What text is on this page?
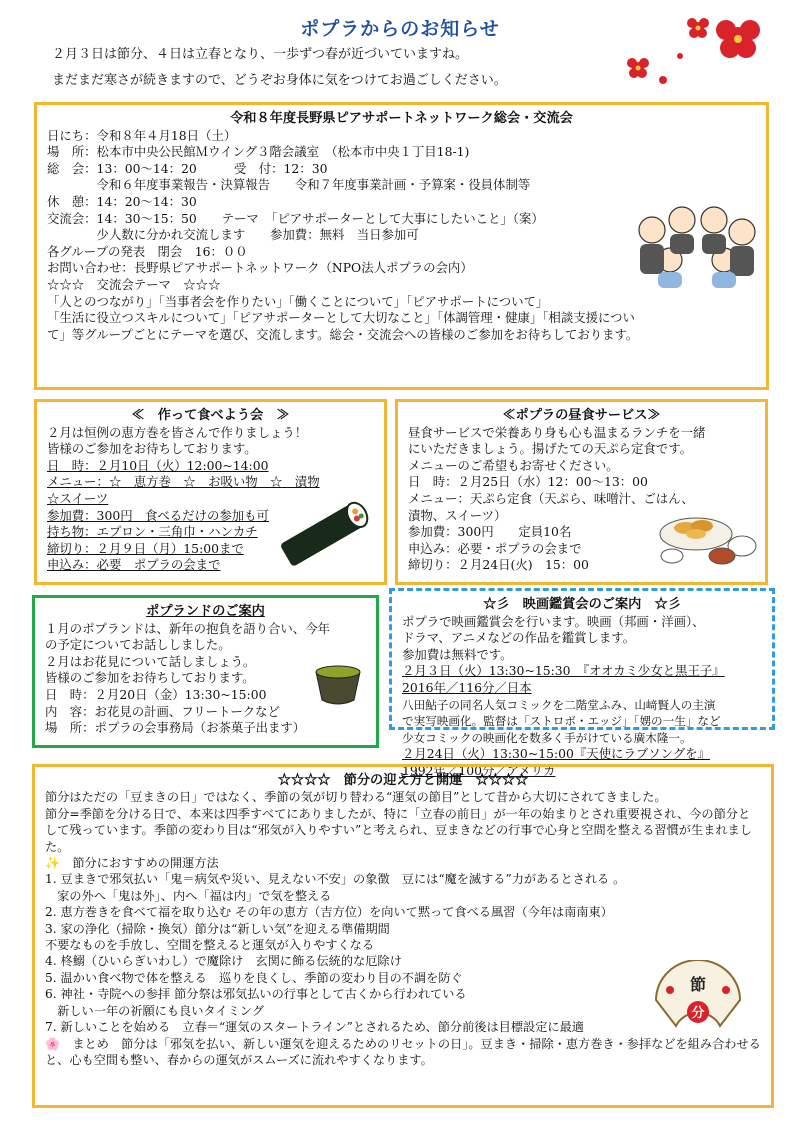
ポプラからのお知らせ
２月３日は節分、４日は立春となり、一歩ずつ春が近づいていますね。
まだまだ寒さが続きますので、どうぞお身体に気をつけてお過ごしください。
令和８年度長野県ピアサポートネットワーク総会・交流会
日にち：令和８年４月18日（土）
場　所：松本市中央公民館Ｍウイング３階会議室　（松本市中央１丁目18-1)
総　会：13：00～14：20　　　受　付：12：30
　　　　令和６年度事業報告・決算報告　　令和７年度事業計画・予算案・役員体制等
休　憩：14：20～14：30
交流会：14：30～15：50　　テーマ　「ピアサポーターとして大事にしたいこと」（案）
　　　　少人数に分かれ交流します　　参加費：無料　当日参加可
各グループの発表　閉会　16：００
お問い合わせ：長野県ピアサポートネットワーク（NPO法人ポプラの会内）
☆☆☆　交流会テーマ　☆☆☆
「人とのつながり」「当事者会を作りたい」「働くことについて」「ピアサポートについて」
「生活に役立つスキルについて」「ピアサポーターとして大切なこと」「体調管理・健康」「相談支援につい
て」等グループごとにテーマを選び、交流します。総会・交流会への皆様のご参加をお待ちしております。
≪　作って食べよう会　≫
２月は恒例の恵方巻を皆さんで作りましょう！
皆様のご参加をお待ちしております。
日　時：２月10日（火）12:00~14:00
メニュー：☆　恵方巻　☆　お吸い物　☆　漬物
☆スイーツ
参加費：300円　食べるだけの参加も可
持ち物：エプロン・三角巾・ハンカチ
締切り：２月９日（月）15:00まで
申込み：必要　ポプラの会まで
≪ポプラの昼食サービス≫
昼食サービスで栄養あり身も心も温まるランチを一緒
にいただきましょう。揚げたての天ぷら定食です。
メニューのご希望もお寄せください。
日　時：２月25日（水）12：00～13：00
メニュー：天ぷら定食（天ぷら、味噌汁、ごはん、
漬物、スイーツ）
参加費：300円　　定員10名
申込み：必要・ポプラの会まで
締切り：２月24日(火)　15：00
ポプランドのご案内
１月のポプランドは、新年の抱負を語り合い、今年
の予定についてお話ししました。
２月はお花見について話しましょう。
皆様のご参加をお待ちしております。
日　時：２月20日（金）13:30~15:00
内　容：お花見の計画、フリートークなど
場　所：ポプラの会事務局（お茶菓子出ます）
☆彡　映画鑑賞会のご案内　☆彡
ポプラで映画鑑賞会を行います。映画（邦画・洋画）、
ドラマ、アニメなどの作品を鑑賞します。
参加費は無料です。
２月３日（火）13:30~15:30　『オオカミ少女と黒王子』
2016年／116分／日本
八田鮎子の同名人気コミックを二階堂ふみ、山﨑賢人の主演
で実写映画化。監督は「ストロボ・エッジ」「娚の一生」など
少女コミックの映画化を数多く手がけている廣木隆一。
２月24日（火）13:30~15:00『天使にラブソングを』
1992年／100分／アメリカ
☆☆☆☆　節分の迎え方と開運　☆☆☆☆
節分はただの「豆まきの日」ではなく、季節の気が切り替わる“運気の節目”として昔から大切にされてきました。
節分=季節を分ける日で、本来は四季すべてにありましたが、特に「立春の前日」が一年の始まりとされ重要視され、今の節分として残っています。季節の変わり目は“邪気が入りやすい”と考えられ、豆まきなどの行事で心身と空間を整える習慣が生まれました。
✨　節分におすすめの開運方法
1. 豆まきで邪気払い「鬼＝病気や災い、見えない不安」の象徴　豆には“魔を滅する”力があるとされる 。
　家の外へ「鬼は外」、内へ「福は内」で気を整える
2. 恵方巻きを食べて福を取り込む その年の恵方（吉方位）を向いて黙って食べる風習（今年は南南東）
3. 家の浄化（掃除・換気）節分は“新しい気”を迎える準備期間
不要なものを手放し、空間を整えると運気が入りやすくなる
4. 柊鰯（ひいらぎいわし）で魔除け　玄関に飾る伝統的な厄除け
5. 温かい食べ物で体を整える　巡りを良くし、季節の変わり目の不調を防ぐ
6. 神社・寺院への参拝 節分祭は邪気払いの行事として古くから行われている
　新しい一年の祈願にも良いタイミング
7. 新しいことを始める　立春＝“運気のスタートライン”とされるため、節分前後は目標設定に最適
🌸　まとめ　節分は「邪気を払い、新しい運気を迎えるためのリセットの日」。豆まき・掃除・恵方巻き・参拝などを組み合わせると、心も空間も整い、春からの運気がスムーズに流れやすくなります。
節
分
